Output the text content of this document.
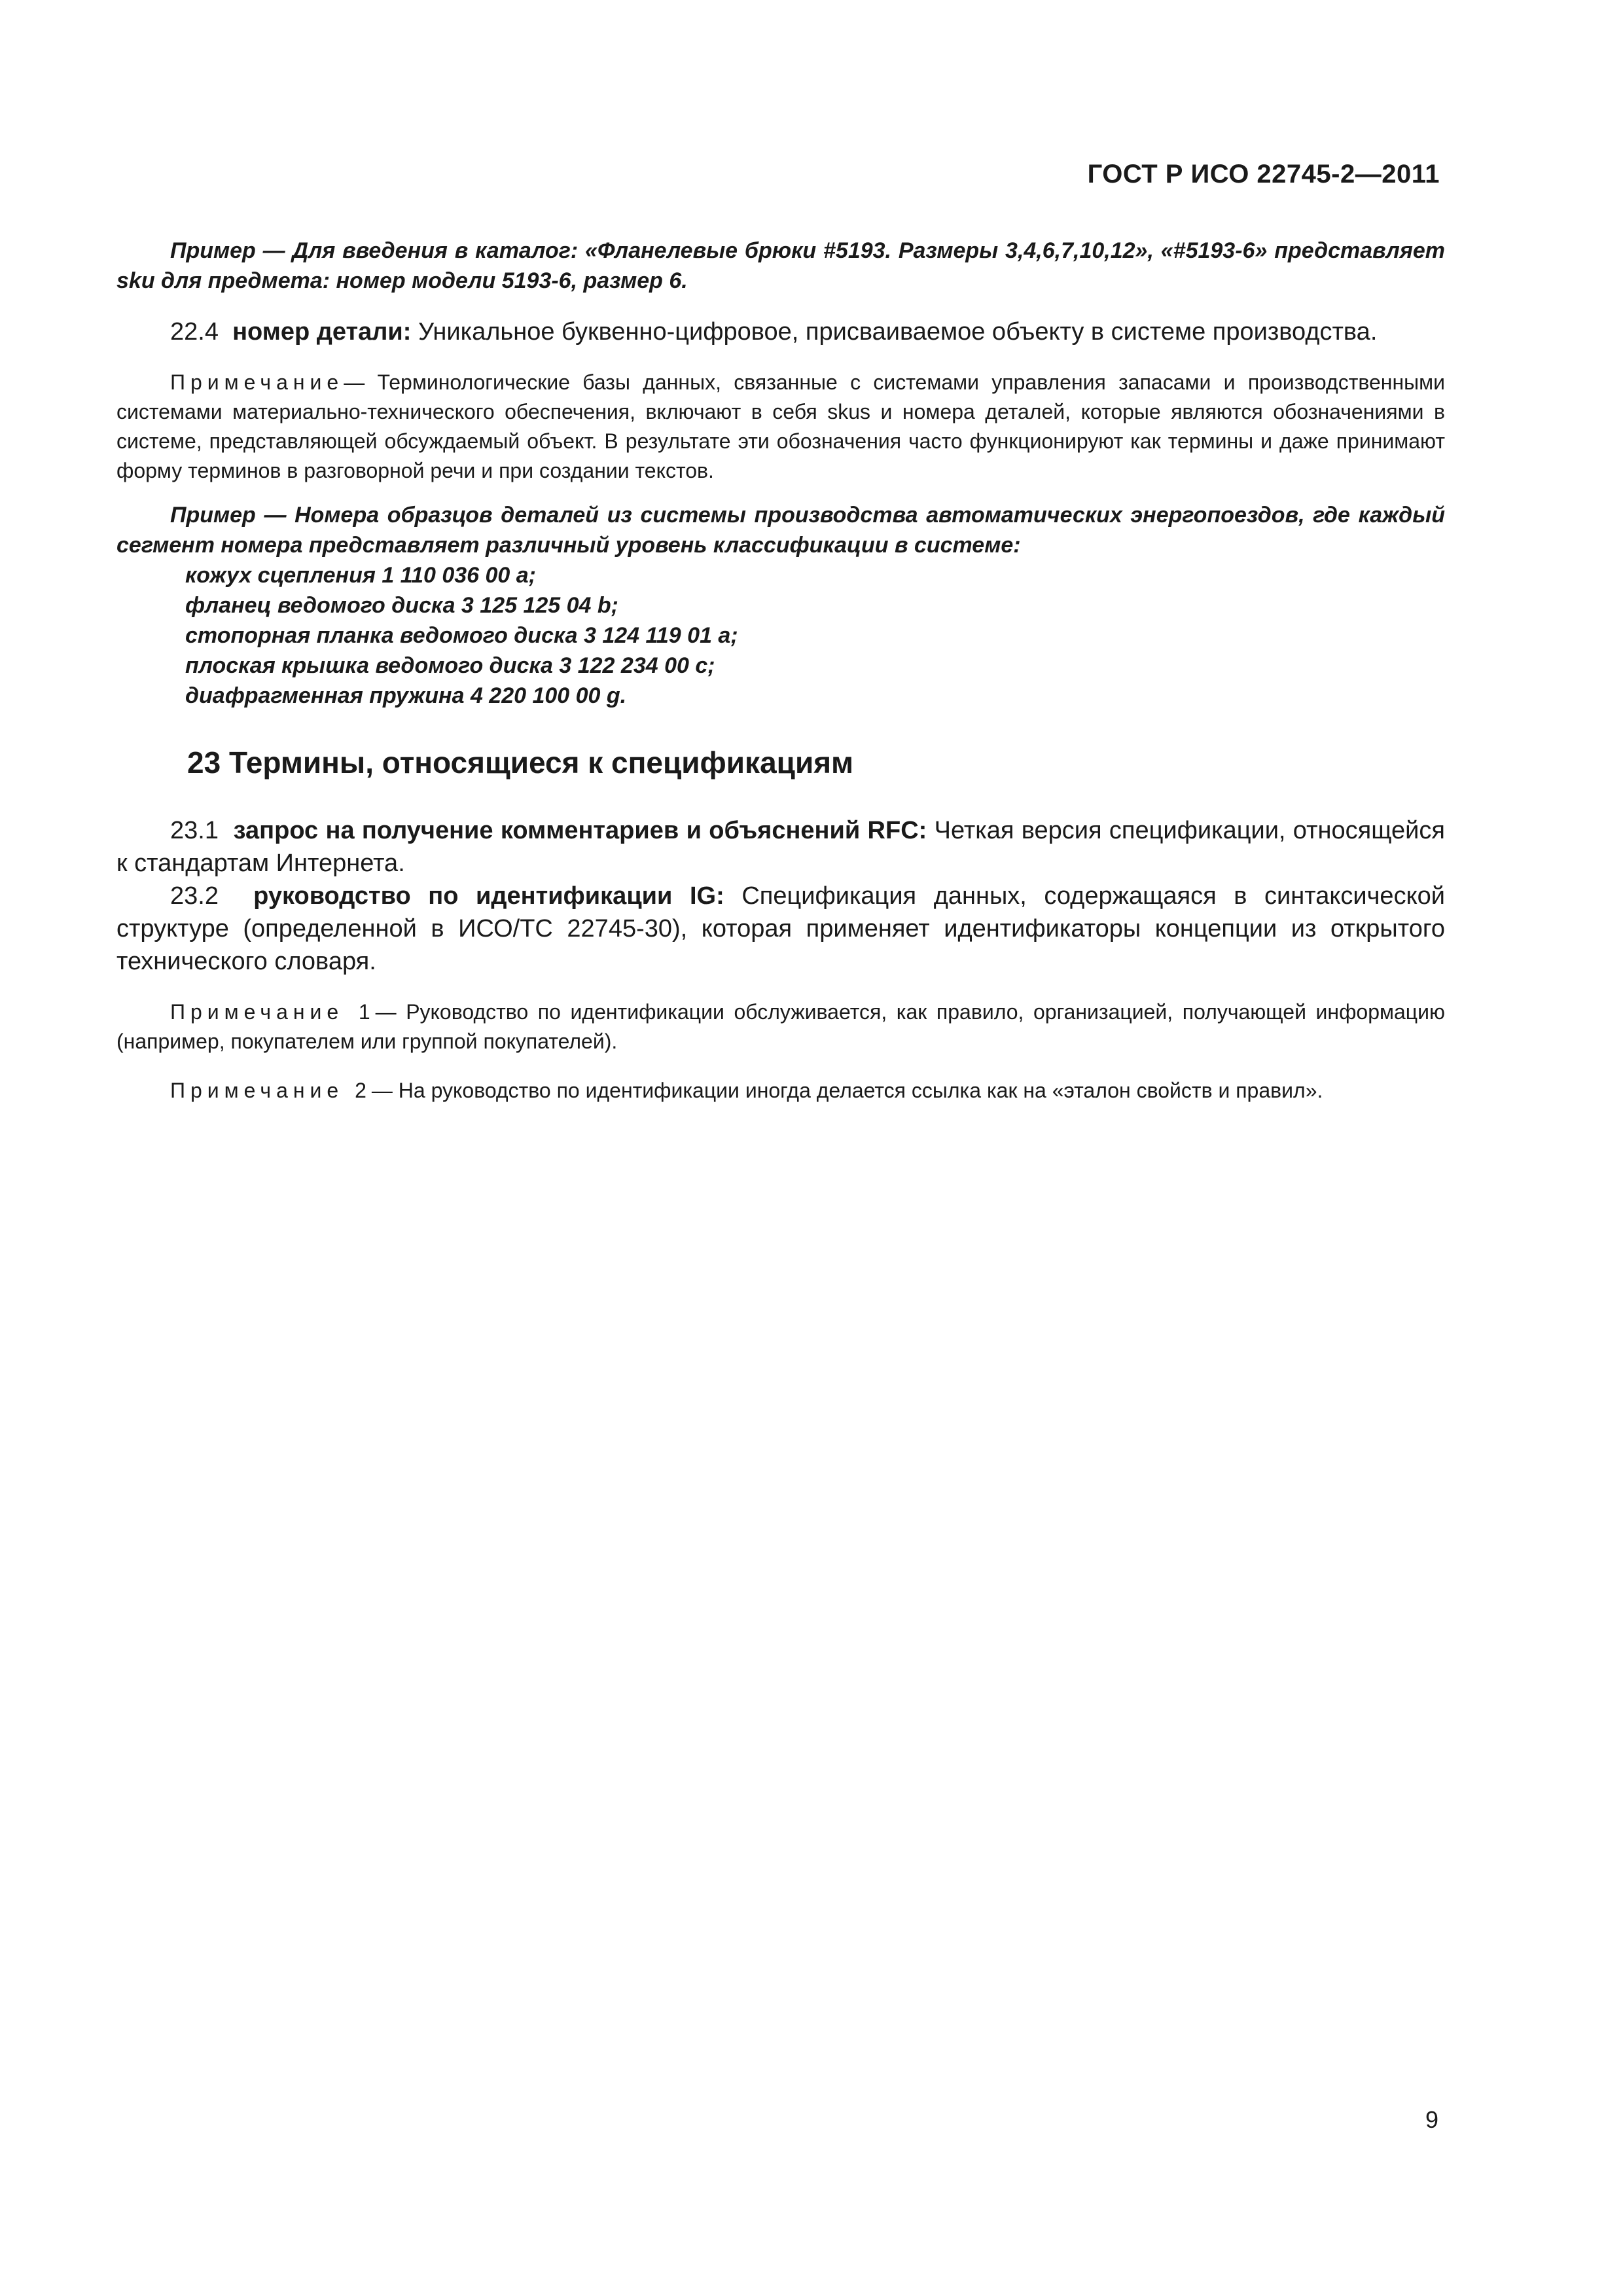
ГОСТ Р ИСО 22745-2—2011

Пример — Для введения в каталог: «Фланелевые брюки #5193. Размеры 3,4,6,7,10,12», «#5193-6» представляет sku для предмета: номер модели 5193-6, размер 6.

22.4 номер детали: Уникальное буквенно-цифровое, присваиваемое объекту в системе производства.

Примечание— Терминологические базы данных, связанные с системами управления запасами и производственными системами материально-технического обеспечения, включают в себя skus и номера деталей, которые являются обозначениями в системе, представляющей обсуждаемый объект. В результате эти обозначения часто функционируют как термины и даже принимают форму терминов в разговорной речи и при создании текстов.

Пример — Номера образцов деталей из системы производства автоматических энергопоездов, где каждый сегмент номера представляет различный уровень классификации в системе:

кожух сцепления 1 110 036 00 a;
фланец ведомого диска 3 125 125 04 b;
стопорная планка ведомого диска 3 124 119 01 a;
плоская крышка ведомого диска 3 122 234 00 c;
диафрагменная пружина 4 220 100 00 g.
23 Термины, относящиеся к спецификациям

23.1 запрос на получение комментариев и объяснений RFC: Четкая версия спецификации, относящейся к стандартам Интернета.

23.2 руководство по идентификации IG: Спецификация данных, содержащаяся в синтаксической структуре (определенной в ИСО/ТС 22745-30), которая применяет идентификаторы концепции из открытого технического словаря.

Примечание 1— Руководство по идентификации обслуживается, как правило, организацией, получающей информацию (например, покупателем или группой покупателей).

Примечание 2— На руководство по идентификации иногда делается ссылка как на «эталон свойств и правил».

9
